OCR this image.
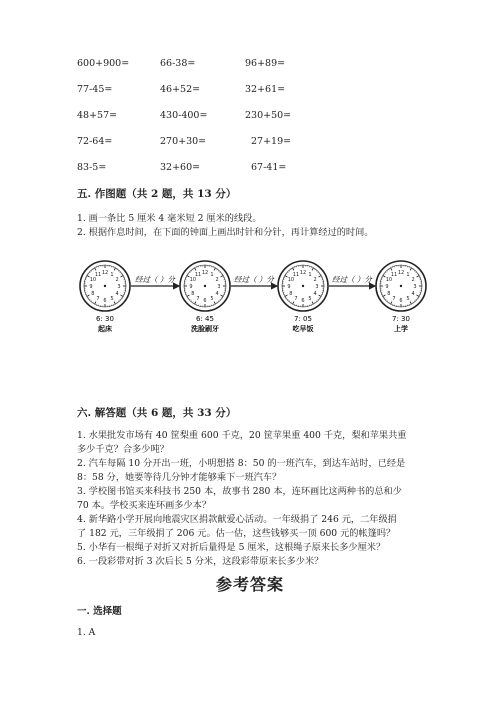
600+900=	66-38=	96+89=
77-45=	46+52=	32+61=
48+57=	430-400=	230+50=
72-64=	270+30=	27+19=
83-5=	32+60=	67-41=
五. 作图题（共 2 题，共 13 分）
1. 画一条比 5 厘米 4 毫米短 2 厘米的线段。
2. 根据作息时间，在下面的钟面上画出时针和分针，再计算经过的时间。
经过（ ）分	经过（ ）分	经过（ ）分
1
2
3
4
5
6
7
8
9
10
11 12
6: 30
起床
1
2
3
4
5
6
7
8
9
10
11 12
6: 45
洗脸刷牙
1
2
3
4
5
6
7
8
9
10
11 12
7: 05
吃早饭
1
2
3
4
5
6
7
8
9
10
11 12
7: 30
上学
六. 解答题（共 6 题，共 33 分）
1. 水果批发市场有 40 筐梨重 600 千克，20 筐苹果重 400 千克，梨和苹果共重
多少千克？合多少吨？
2. 汽车每隔 10 分开出一班，小明想搭 8：50 的一班汽车，到达车站时，已经是
8：58 分，她要等待几分钟才能够乘下一班汽车？
3. 学校图书馆买来科技书 250 本，故事书 280 本，连环画比这两种书的总和少
70 本。学校买来连环画多少本？
4. 新华路小学开展向地震灾区捐款献爱心活动。一年级捐了 246 元，二年级捐
了 182 元，三年级捐了 206 元。估一估，这些钱够买一顶 600 元的帐篷吗？
5. 小华有一根绳子对折又对折后量得是 5 厘米，这根绳子原来长多少厘米？
6. 一段彩带对折 3 次后长 5 分米，这段彩带原来长多少米？
参考答案
一. 选择题
1. A
